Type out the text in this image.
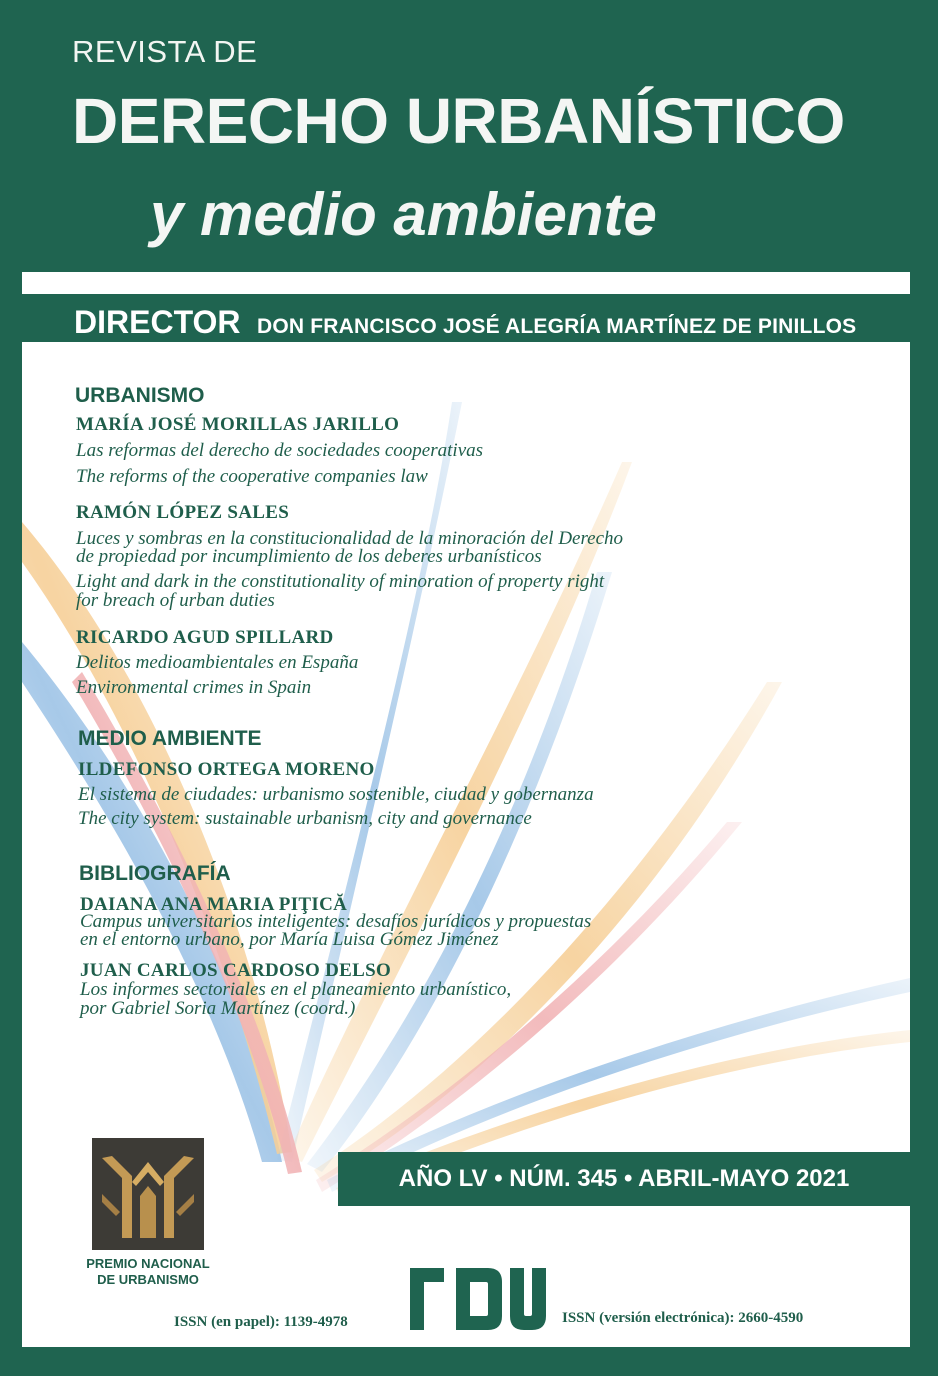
REVISTA DE
DERECHO URBANÍSTICO
y medio ambiente
DIRECTOR DON FRANCISCO JOSÉ ALEGRÍA MARTÍNEZ DE PINILLOS
URBANISMO
MARÍA JOSÉ MORILLAS JARILLO
Las reformas del derecho de sociedades cooperativas
The reforms of the cooperative companies law
RAMÓN LÓPEZ SALES
Luces y sombras en la constitucionalidad de la minoración del Derecho
de propiedad por incumplimiento de los deberes urbanísticos
Light and dark in the constitutionality of minoration of property right
for breach of urban duties
RICARDO AGUD SPILLARD
Delitos medioambientales en España
Environmental crimes in Spain
MEDIO AMBIENTE
ILDEFONSO ORTEGA MORENO
El sistema de ciudades: urbanismo sostenible, ciudad y gobernanza
The city system: sustainable urbanism, city and governance
BIBLIOGRAFÍA
DAIANA ANA MARIA PIŢICĂ
Campus universitarios inteligentes: desafíos jurídicos y propuestas
en el entorno urbano, por María Luisa Gómez Jiménez
JUAN CARLOS CARDOSO DELSO
Los informes sectoriales en el planeamiento urbanístico,
por Gabriel Soria Martínez (coord.)
AÑO LV • NÚM. 345 • ABRIL-MAYO 2021
PREMIO NACIONAL
DE URBANISMO
ISSN (en papel): 1139-4978	ISSN (versión electrónica): 2660-4590
